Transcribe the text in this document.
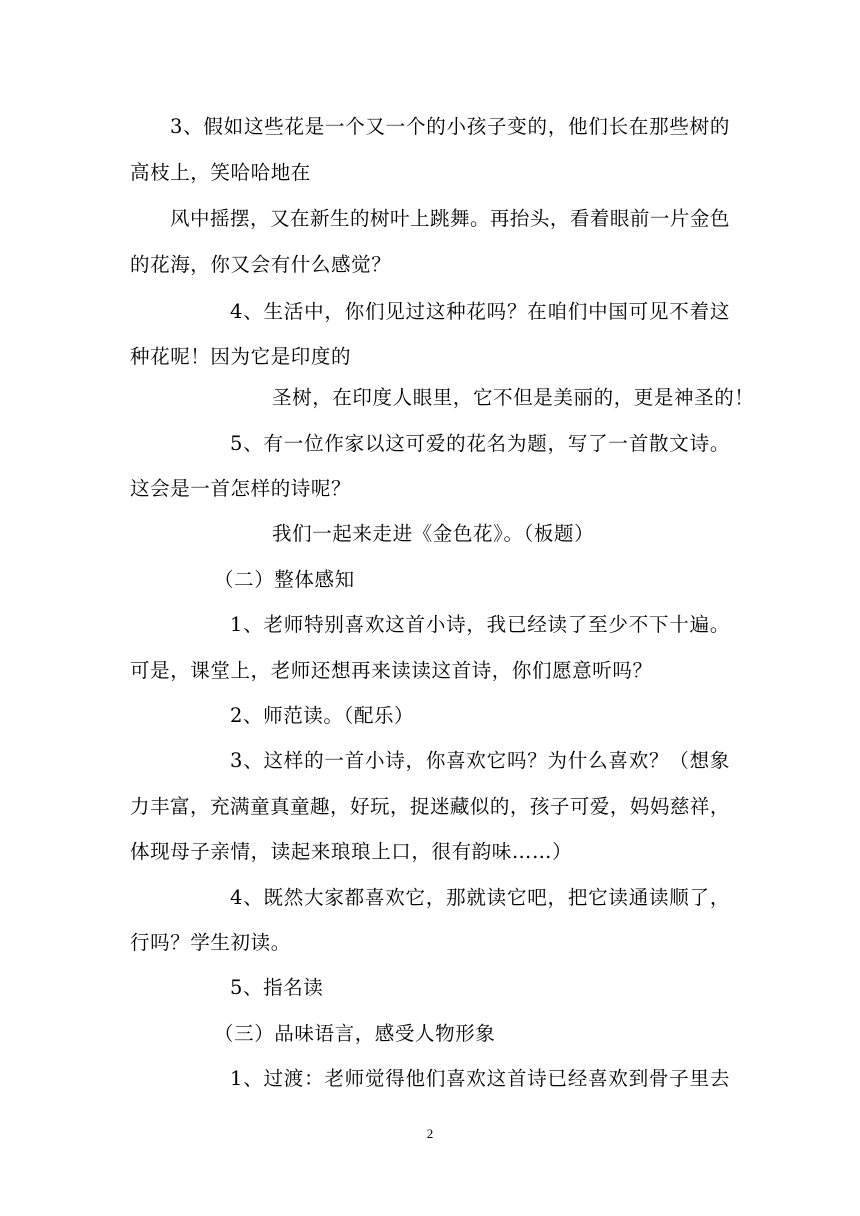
3、假如这些花是一个又一个的小孩子变的，他们长在那些树的
高枝上，笑哈哈地在
风中摇摆，又在新生的树叶上跳舞。再抬头，看着眼前一片金色
的花海，你又会有什么感觉？
4、生活中，你们见过这种花吗？在咱们中国可见不着这
种花呢！因为它是印度的
圣树，在印度人眼里，它不但是美丽的，更是神圣的！
5、有一位作家以这可爱的花名为题，写了一首散文诗。
这会是一首怎样的诗呢？
我们一起来走进《金色花》。（板题）
（二）整体感知
1、老师特别喜欢这首小诗，我已经读了至少不下十遍。
可是，课堂上，老师还想再来读读这首诗，你们愿意听吗？
2、师范读。（配乐）
3、这样的一首小诗，你喜欢它吗？为什么喜欢？（想象
力丰富，充满童真童趣，好玩，捉迷藏似的，孩子可爱，妈妈慈祥，
体现母子亲情，读起来琅琅上口，很有韵味……）
4、既然大家都喜欢它，那就读它吧，把它读通读顺了，
行吗？学生初读。
5、指名读
（三）品味语言，感受人物形象
1、过渡：老师觉得他们喜欢这首诗已经喜欢到骨子里去
2
